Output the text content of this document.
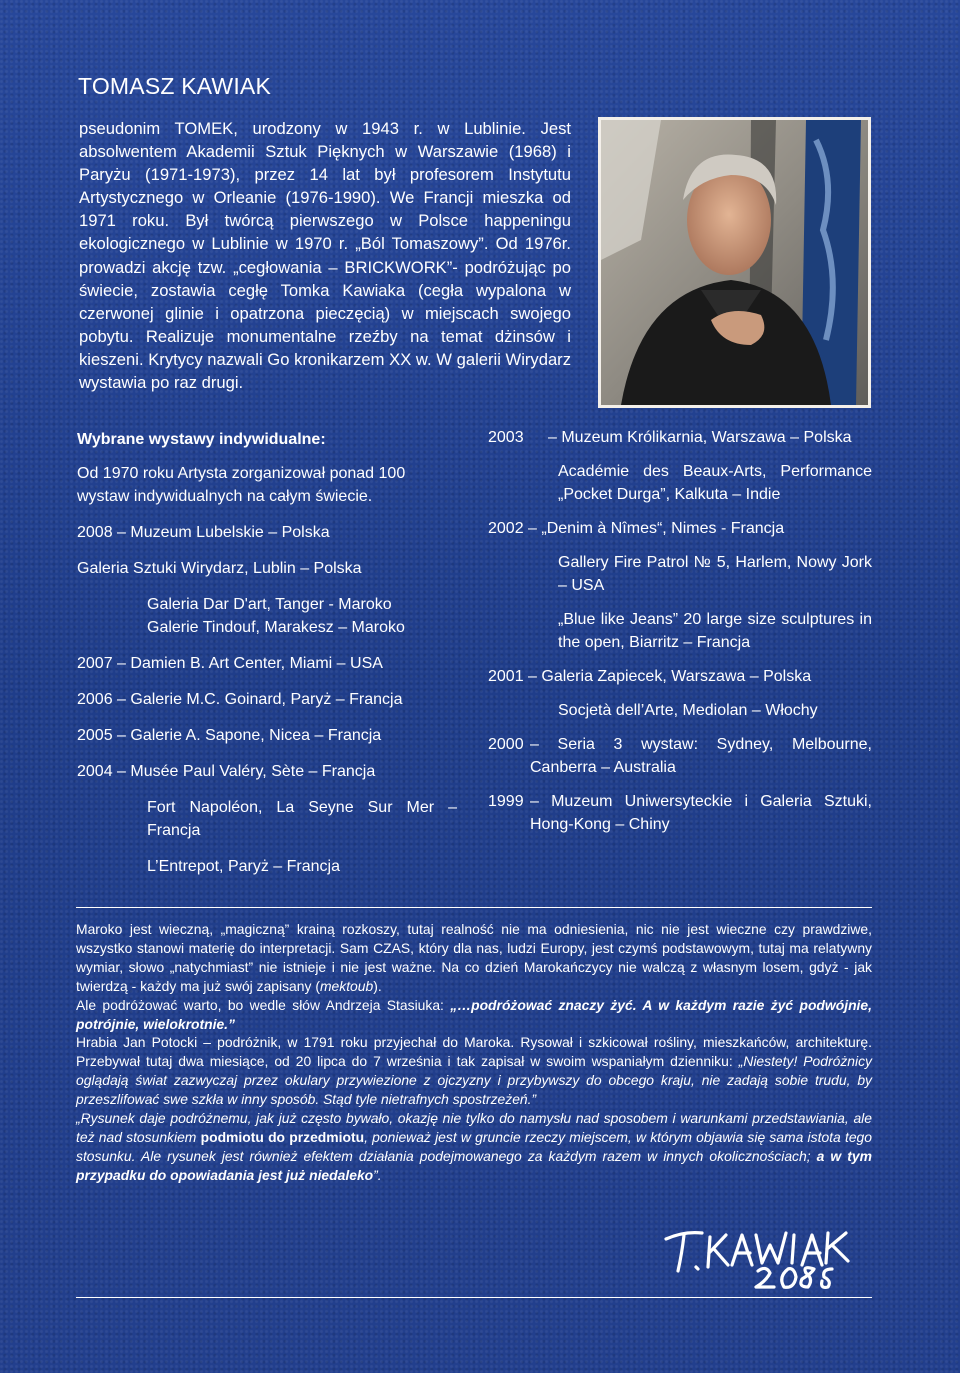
TOMASZ KAWIAK

pseudonim TOMEK, urodzony w 1943 r. w Lublinie. Jest absolwentem Akademii Sztuk Pięknych w Warszawie (1968) i Paryżu (1971-1973), przez 14 lat był profesorem Instytutu Artystycznego w Orleanie (1976-1990). We Francji mieszka od 1971 roku. Był twórcą pierwszego w Polsce happeningu ekologicznego w Lublinie w 1970 r. „Ból Tomaszowy”. Od 1976r. prowadzi akcję tzw. „cegłowania – BRICKWORK”- podróżując po świecie, zostawia cegłę Tomka Kawiaka (cegła wypalona w czerwonej glinie i opatrzona pieczęcią) w miejscach swojego pobytu. Realizuje monumentalne rzeźby na temat dżinsów i kieszeni. Krytycy nazwali Go kronikarzem XX w. W galerii Wirydarz wystawia po raz drugi.

Wybrane wystawy indywidualne:
Od 1970 roku Artysta zorganizował ponad 100 wystaw indywidualnych na całym świecie.
2008 – Muzeum Lubelskie – Polska
Galeria Sztuki Wirydarz, Lublin – Polska
Galeria Dar D'art, Tanger - Maroko
Galerie Tindouf, Marakesz – Maroko
2007 – Damien B. Art Center, Miami – USA
2006 – Galerie M.C. Goinard, Paryż – Francja
2005 – Galerie A. Sapone, Nicea – Francja
2004 – Musée Paul Valéry, Sète – Francja
Fort Napoléon, La Seyne Sur Mer – Francja
L’Entrepot, Paryż – Francja
2003	– Muzeum Królikarnia, Warszawa – Polska
Académie des Beaux-Arts, Performance „Pocket Durga”, Kalkuta – Indie
2002 – „Denim à Nîmes“, Nimes - Francja
Gallery Fire Patrol № 5, Harlem, Nowy Jork – USA
„Blue like Jeans” 20 large size sculptures in the open, Biarritz – Francja
2001 – Galeria Zapiecek, Warszawa – Polska
Socjetà dell’Arte, Mediolan – Włochy
2000 – Seria 3 wystaw: Sydney, Melbourne, Canberra – Australia
1999 – Muzeum Uniwersyteckie i Galeria Sztuki, Hong-Kong – Chiny

Maroko jest wieczną, „magiczną” krainą rozkoszy, tutaj realność nie ma odniesienia, nic nie jest wieczne czy prawdziwe, wszystko stanowi materię do interpretacji. Sam CZAS, który dla nas, ludzi Europy, jest czymś podstawowym, tutaj ma relatywny wymiar, słowo „natychmiast” nie istnieje i nie jest ważne. Na co dzień Marokańczycy nie walczą z własnym losem, gdyż - jak twierdzą - każdy ma już swój zapisany (mektoub).

Ale podróżować warto, bo wedle słów Andrzeja Stasiuka: „…podróżować znaczy żyć. A w każdym razie żyć podwójnie, potrójnie, wielokrotnie.”

Hrabia Jan Potocki – podróżnik, w 1791 roku przyjechał do Maroka. Rysował i szkicował rośliny, mieszkańców, architekturę. Przebywał tutaj dwa miesiące, od 20 lipca do 7 września i tak zapisał w swoim wspaniałym dzienniku: „Niestety! Podróżnicy oglądają świat zazwyczaj przez okulary przywiezione z ojczyzny i przybywszy do obcego kraju, nie zadają sobie trudu, by przeszlifować swe szkła w inny sposób. Stąd tyle nietrafnych spostrzeżeń.”

„Rysunek daje podróżnemu, jak już często bywało, okazję nie tylko do namysłu nad sposobem i warunkami przedstawiania, ale też nad stosunkiem podmiotu do przedmiotu, ponieważ jest w gruncie rzeczy miejscem, w którym objawia się sama istota tego stosunku. Ale rysunek jest również efektem działania podejmowanego za każdym razem w innych okolicznościach; a w tym przypadku do opowiadania jest już niedaleko”.
